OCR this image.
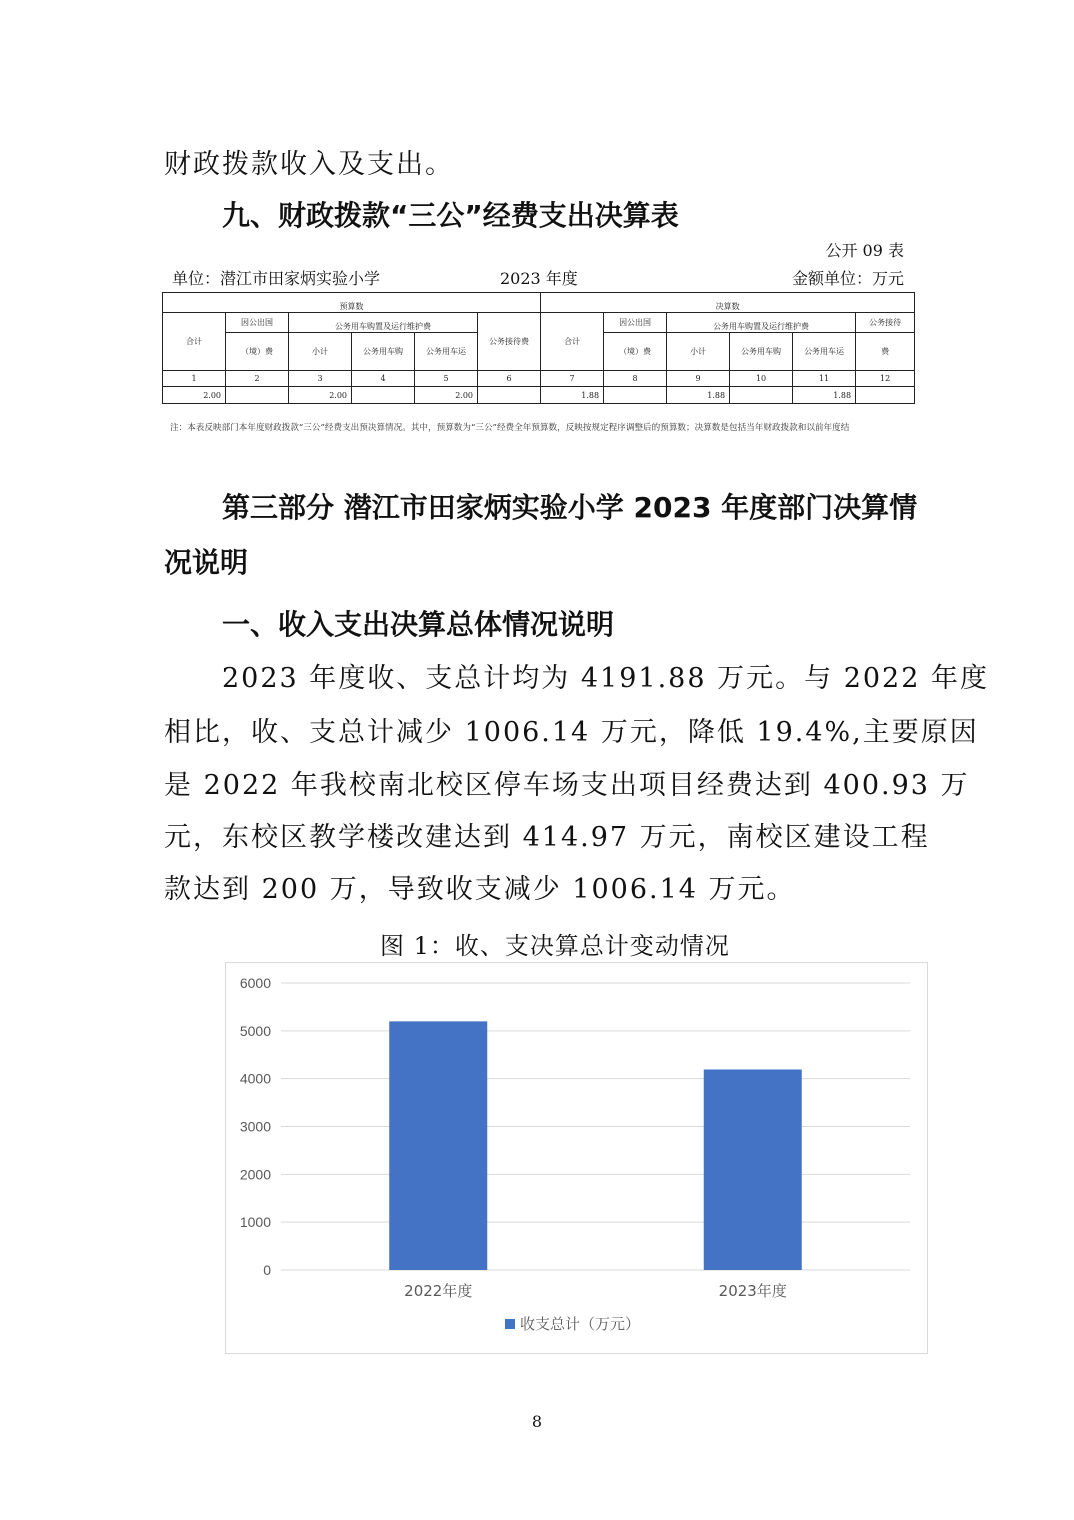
财政拨款收入及支出。
九、财政拨款“三公”经费支出决算表
公开 09 表
单位：潜江市田家炳实验小学	2023 年度	金额单位：万元
预算数						决算数					
合计	因公出国	公务用车购置及运行维护费			公务接待费	合计	因公出国	公务用车购置及运行维护费			公务接待
	（境）费	小计	公务用车购	公务用车运			（境）费	小计	公务用车购	公务用车运	费
1	2	3	4	5	6	7	8	9	10	11	12
2.00		2.00		2.00		1.88		1.88		1.88	
注：本表反映部门本年度财政拨款“三公”经费支出预决算情况。其中，预算数为“三公”经费全年预算数，反映按规定程序调整后的预算数；决算数是包括当年财政拨款和以前年度结
第三部分 潜江市田家炳实验小学 2023 年度部门决算情
况说明
一、收入支出决算总体情况说明
2023 年度收、支总计均为 4191.88 万元。与 2022 年度
相比，收、支总计减少 1006.14 万元，降低 19.4%,主要原因
是 2022 年我校南北校区停车场支出项目经费达到 400.93 万
元，东校区教学楼改建达到 414.97 万元，南校区建设工程
款达到 200 万，导致收支减少 1006.14 万元。
图 1：收、支决算总计变动情况
0
1000
2000
3000
4000
5000
6000
2022年度	2023年度
收支总计（万元）
8
